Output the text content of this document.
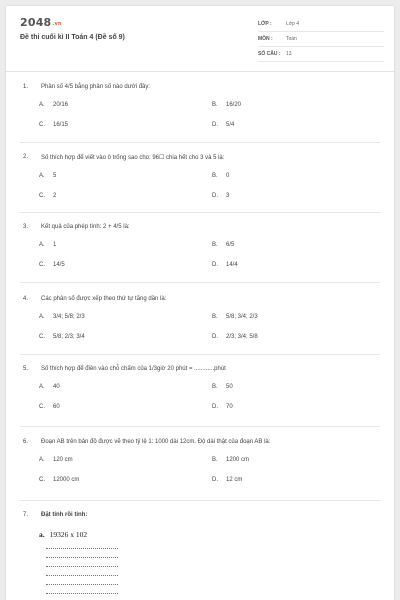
2048.vn
Đề thi cuối kì II Toán 4 (Đề số 9)
LỚP :	Lớp 4
MÔN :	Toán
SỐ CÂU :	13
1.	Phân số 4/5 bằng phân số nào dưới đây:
A.	20/16	B.	16/20
C.	16/15	D.	5/4
2.	Số thích hợp để viết vào ô trống sao cho: 96☐ chia hết cho 3 và 5 là:
A.	5	B.	0
C.	2	D.	3
3.	Kết quả của phép tính: 2 + 4/5 là:
A.	1	B.	6/5
C.	14/5	D.	14/4
4.	Các phân số được xếp theo thứ tự tăng dần là:
A.	3/4; 5/8; 2/3	B.	5/8; 3/4; 2/3
C.	5/8; 2/3; 3/4	D.	2/3; 3/4; 5/8
5.	Số thích hợp để điền vào chỗ chấm của 1/3giờ 20 phút = ............phút
A.	40	B.	50
C.	60	D.	70
6.	Đoạn AB trên bản đồ được vẽ theo tỷ lệ 1: 1000 dài 12cm. Độ dài thật của đoạn AB là:
A.	120 cm	B.	1200 cm
C.	12000 cm	D.	12 cm
7.	Đặt tính rồi tính:
a. 19326 x 102
